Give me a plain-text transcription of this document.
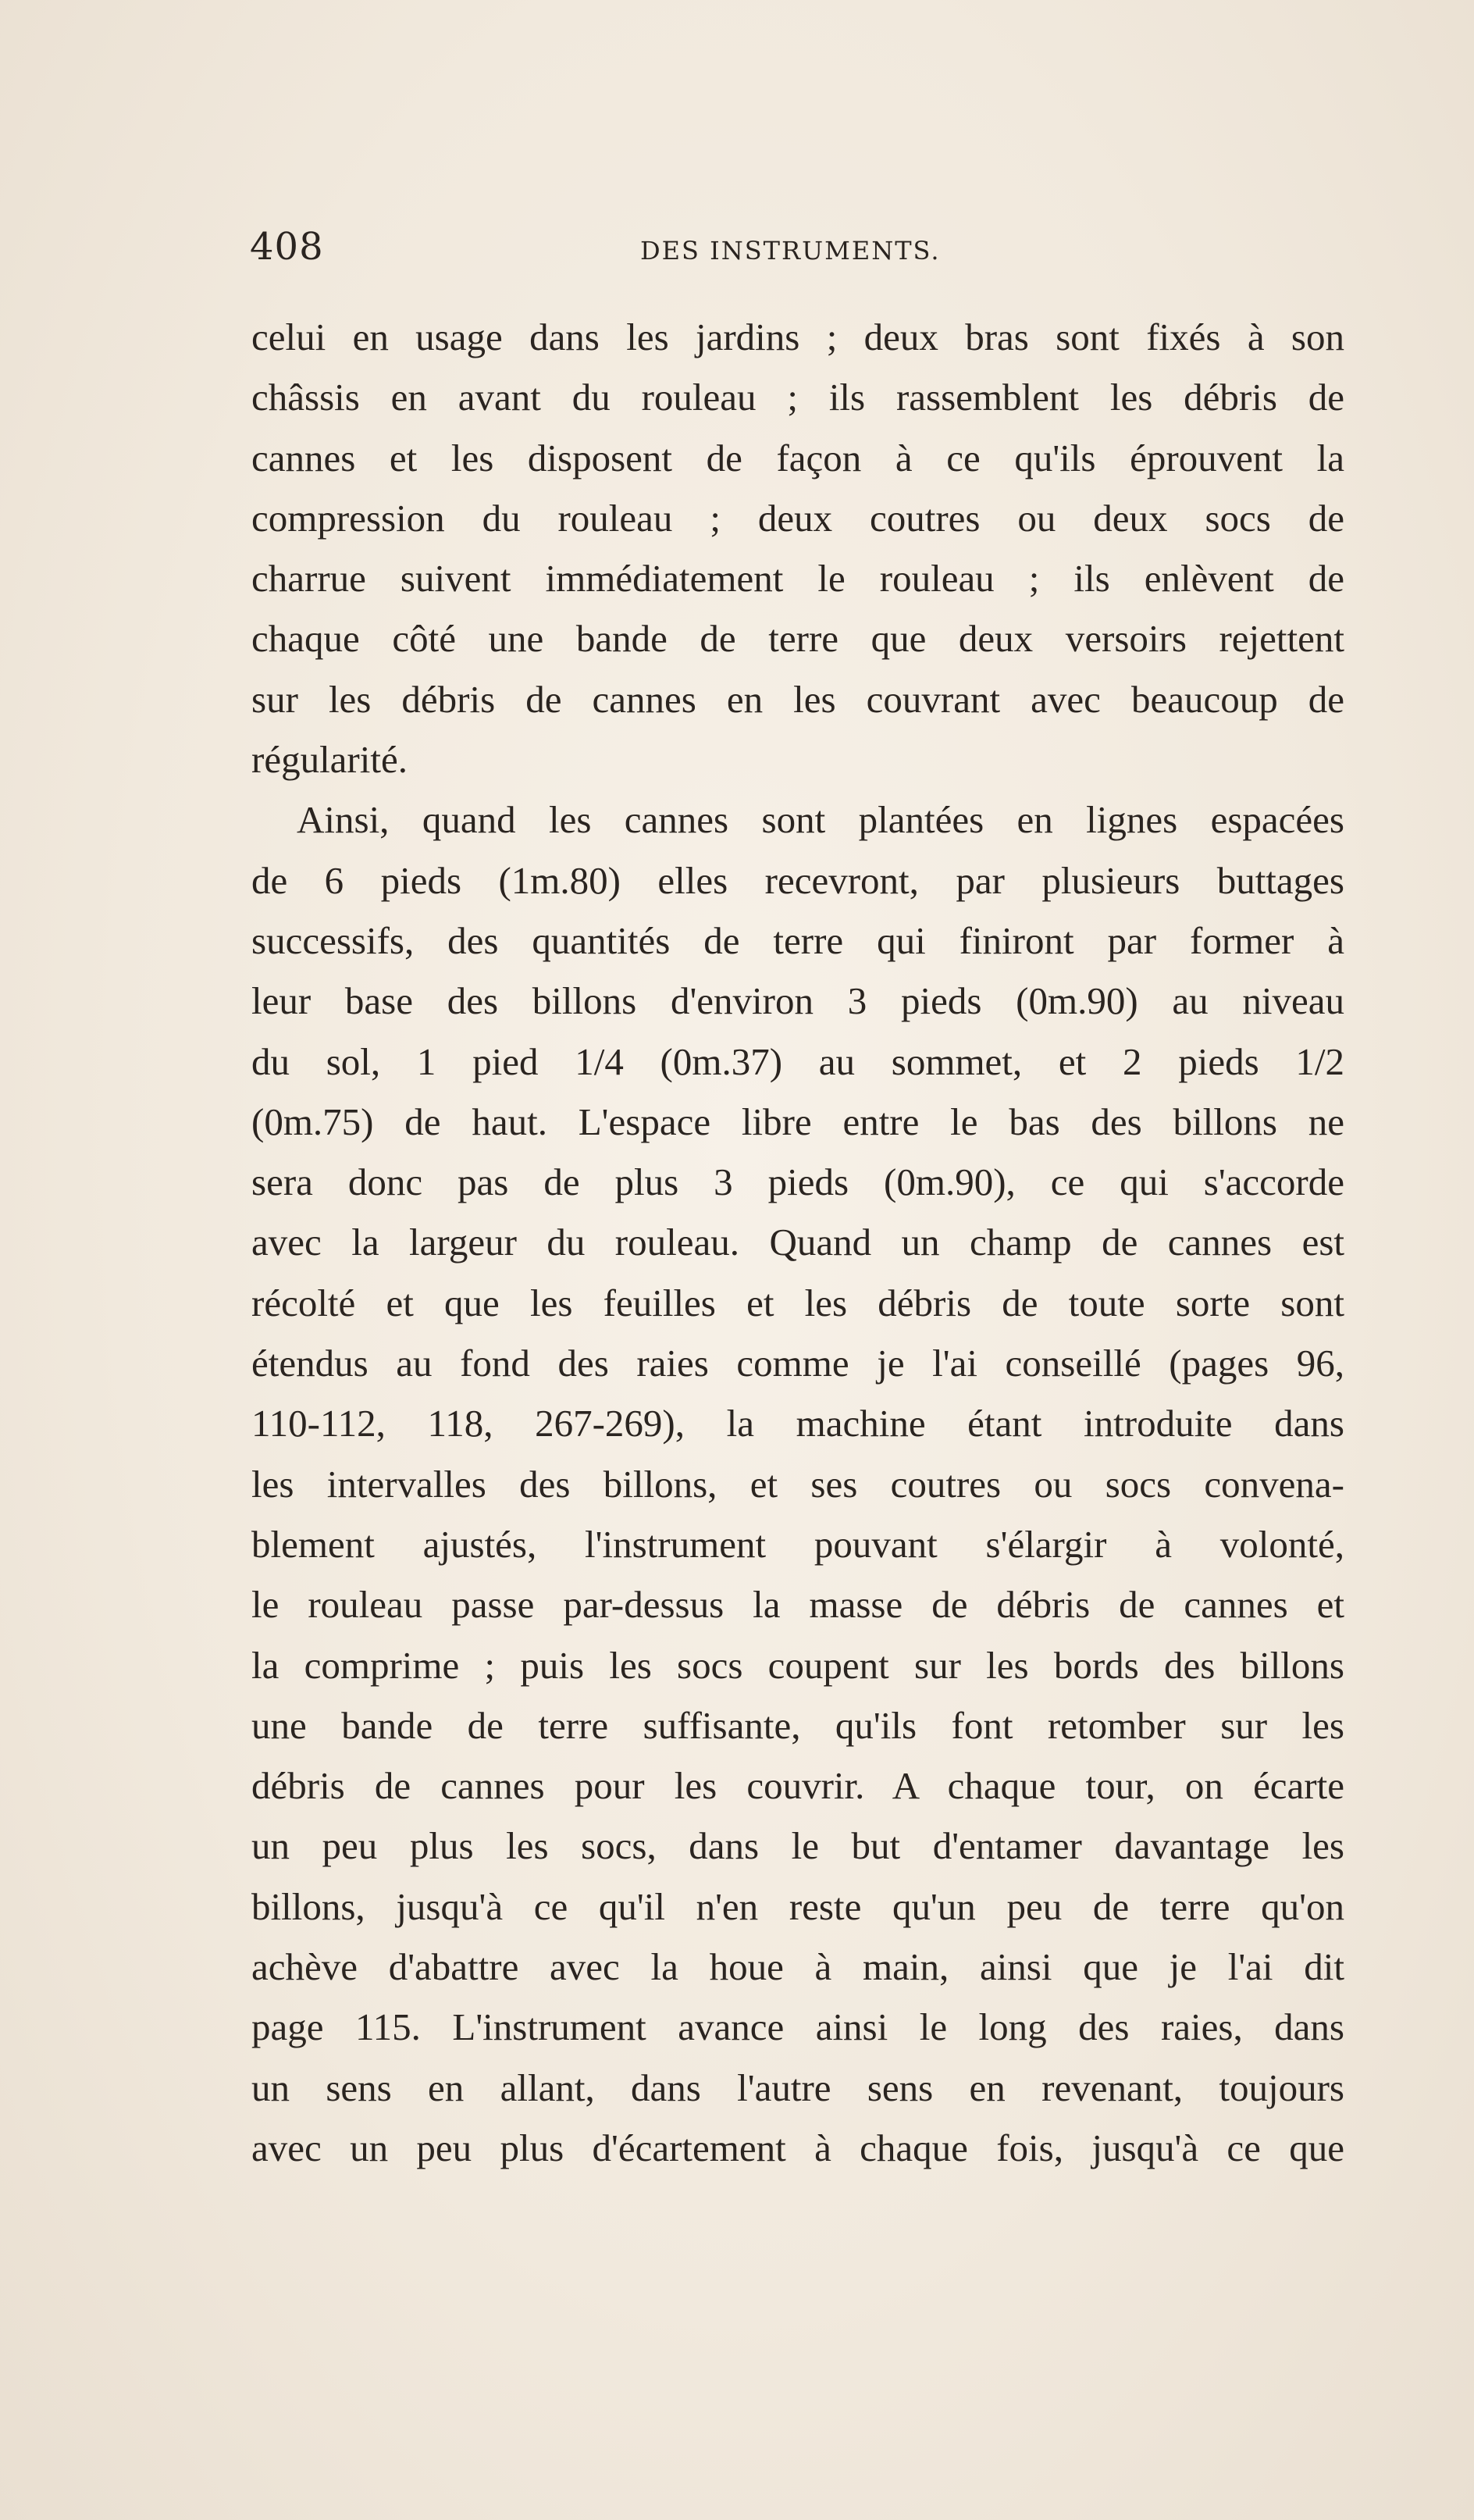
408	DES INSTRUMENTS.
celui en usage dans les jardins ; deux bras sont fixés à son
châssis en avant du rouleau ; ils rassemblent les débris de
cannes et les disposent de façon à ce qu'ils éprouvent la
compression du rouleau ; deux coutres ou deux socs de
charrue suivent immédiatement le rouleau ; ils enlèvent de
chaque côté une bande de terre que deux versoirs rejettent
sur les débris de cannes en les couvrant avec beaucoup de
régularité.
Ainsi, quand les cannes sont plantées en lignes espacées
de 6 pieds (1m.80) elles recevront, par plusieurs buttages
successifs, des quantités de terre qui finiront par former à
leur base des billons d'environ 3 pieds (0m.90) au niveau
du sol, 1 pied 1/4 (0m.37) au sommet, et 2 pieds 1/2
(0m.75) de haut. L'espace libre entre le bas des billons ne
sera donc pas de plus 3 pieds (0m.90), ce qui s'accorde
avec la largeur du rouleau. Quand un champ de cannes est
récolté et que les feuilles et les débris de toute sorte sont
étendus au fond des raies comme je l'ai conseillé (pages 96,
110-112, 118, 267-269), la machine étant introduite dans
les intervalles des billons, et ses coutres ou socs convena-
blement ajustés, l'instrument pouvant s'élargir à volonté,
le rouleau passe par-dessus la masse de débris de cannes et
la comprime ; puis les socs coupent sur les bords des billons
une bande de terre suffisante, qu'ils font retomber sur les
débris de cannes pour les couvrir. A chaque tour, on écarte
un peu plus les socs, dans le but d'entamer davantage les
billons, jusqu'à ce qu'il n'en reste qu'un peu de terre qu'on
achève d'abattre avec la houe à main, ainsi que je l'ai dit
page 115. L'instrument avance ainsi le long des raies, dans
un sens en allant, dans l'autre sens en revenant, toujours
avec un peu plus d'écartement à chaque fois, jusqu'à ce que
